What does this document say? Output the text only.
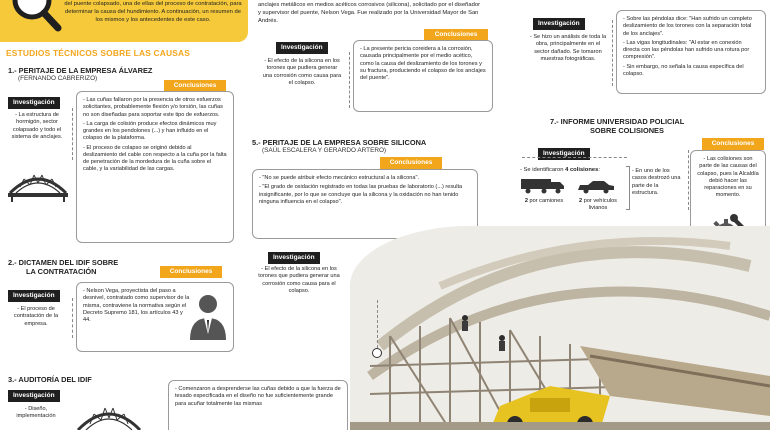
del puente colapsado, una de ellas del proceso de contratación, para determinar la causa del hundimiento. A continuación, un resumen de los mismos y los antecedentes de este caso.
anclajes metálicos en medios acéticos corrosivos (silicona), solicitado por el diseñador y supervisor del puente, Nelson Vega. Fue realizado por la Universidad Mayor de San Andrés.
ESTUDIOS TÉCNICOS SOBRE LAS CAUSAS
1.- PERITAJE DE LA EMPRESA ÁLVAREZ
(FERNANDO CABRERIZO)
Conclusiones
Investigación
- La estructura de hormigón, sector colapsado y todo el sistema de anclajes.

- Las cuñas fallaron por la presencia de otros esfuerzos solicitantes, probablemente flexión y/o torsión, las cuñas no son diseñadas para soportar este tipo de esfuerzos.

- La carga de colisión produce efectos dinámicos muy grandes en los pendolones (...) y han influido en el colapso de la plataforma.

- El proceso de colapso se originó debido al deslizamiento del cable con respecto a la cuña por la falta de penetración de la mordedura de la cuña sobre el cable, y la variabilidad de las cargas.

2.- DICTAMEN DEL IDIF SOBRE
LA CONTRATACIÓN	Conclusiones
Investigación
- El proceso de contratación de la empresa.
- Nelson Vega, proyectista del paso a desnivel, contratado como supervisor de la misma, contraviene la normativa según el Decreto Supremo 181, los artículos 43 y 44.
3.- AUDITORÍA DEL IDIF
Investigación
- Diseño, implementación
- Comenzaron a desprenderse las cuñas debido a que la fuerza de tesado especificada en el diseño no fue suficientemente grande para acuñar totalmente las mismas
Investigación
- El efecto de la silicona en los torones que pudiera generar una corrosión como causa para el colapso.
Conclusiones
- La presente pericia coreidera a la corrosión, causada principalmente por el medio acético, como la causa del deslizamiento de los torones y su fractura, produciendo el colapso de los anclajes del puente".
5.- PERITAJE DE LA EMPRESA SOBRE SILICONA
(SAÚL ESCALERA Y GERARDO ARTERO)
Conclusiones

- "No se puede atribuir efecto mecánico estructural a la silicona".

- "El grado de oxidación registrado en todas las pruebas de laboratorio (...) resulta insignificante, por lo que se concluye que la silicona y la oxidación no han tenido ninguna influencia en el colapso".

Investigación
- El efecto de la silicona en los torones que pudiera generar una corrosión como causa para el colapso.
Investigación
- Se hizo un análisis de toda la obra, principalmente en el sector dañado. Se tomaron muestras fotográficas.

- Sobre las péndolas dice: "Han sufrido un completo deslizamiento de los torones con la separación total de los anclajes".

- Las vigas longitudinales: "Al estar en conexión directa con las péndolas han sufrido una rotura por compresión".

- Sin embargo, no señala la causa específica del colapso.

7.- INFORME UNIVERSIDAD POLICIAL
SOBRE COLISIONES
Investigación
- Se identificaron 4 colisiones:
2 por camiones	2 por vehículos livianos
- En uno de los casos destrozó una parte de la estructura.
Conclusiones
- Las colisiones son parte de las causas del colapso, pues la Alcaldía debió hacer las reparaciones en su momento.
